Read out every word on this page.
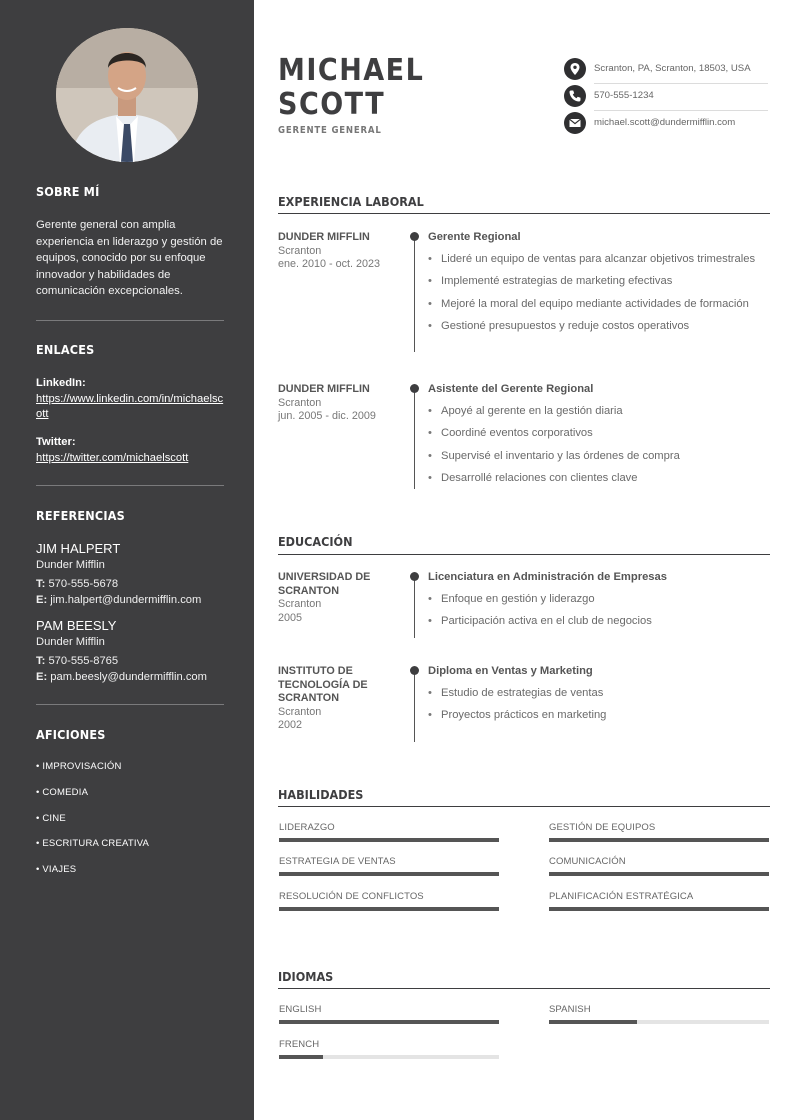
SOBRE MÍ
Gerente general con amplia experiencia en liderazgo y gestión de equipos, conocido por su enfoque innovador y habilidades de comunicación excepcionales.
ENLACES
LinkedIn:
https://www.linkedin.com/in/michaelscott
Twitter:
https://twitter.com/michaelscott
REFERENCIAS
JIM HALPERT
Dunder Mifflin
T: 570-555-5678
E: jim.halpert@dundermifflin.com
PAM BEESLY
Dunder Mifflin
T: 570-555-8765
E: pam.beesly@dundermifflin.com
AFICIONES
• IMPROVISACIÓN
• COMEDIA
• CINE
• ESCRITURA CREATIVA
• VIAJES
MICHAEL
SCOTT
GERENTE GENERAL
Scranton, PA, Scranton, 18503, USA
570-555-1234
michael.scott@dundermifflin.com
EXPERIENCIA LABORAL
DUNDER MIFFLIN
Scranton
ene. 2010 - oct. 2023
Gerente Regional
• Lideré un equipo de ventas para alcanzar objetivos trimestrales
• Implementé estrategias de marketing efectivas
• Mejoré la moral del equipo mediante actividades de formación
• Gestioné presupuestos y reduje costos operativos
DUNDER MIFFLIN
Scranton
jun. 2005 - dic. 2009
Asistente del Gerente Regional
• Apoyé al gerente en la gestión diaria
• Coordiné eventos corporativos
• Supervisé el inventario y las órdenes de compra
• Desarrollé relaciones con clientes clave
EDUCACIÓN
UNIVERSIDAD DE SCRANTON
Scranton
2005
Licenciatura en Administración de Empresas
• Enfoque en gestión y liderazgo
• Participación activa en el club de negocios
INSTITUTO DE TECNOLOGÍA DE SCRANTON
Scranton
2002
Diploma en Ventas y Marketing
• Estudio de estrategias de ventas
• Proyectos prácticos en marketing
HABILIDADES
LIDERAZGO	GESTIÓN DE EQUIPOS
ESTRATEGIA DE VENTAS	COMUNICACIÓN
RESOLUCIÓN DE CONFLICTOS	PLANIFICACIÓN ESTRATÉGICA
IDIOMAS
ENGLISH	SPANISH
FRENCH
